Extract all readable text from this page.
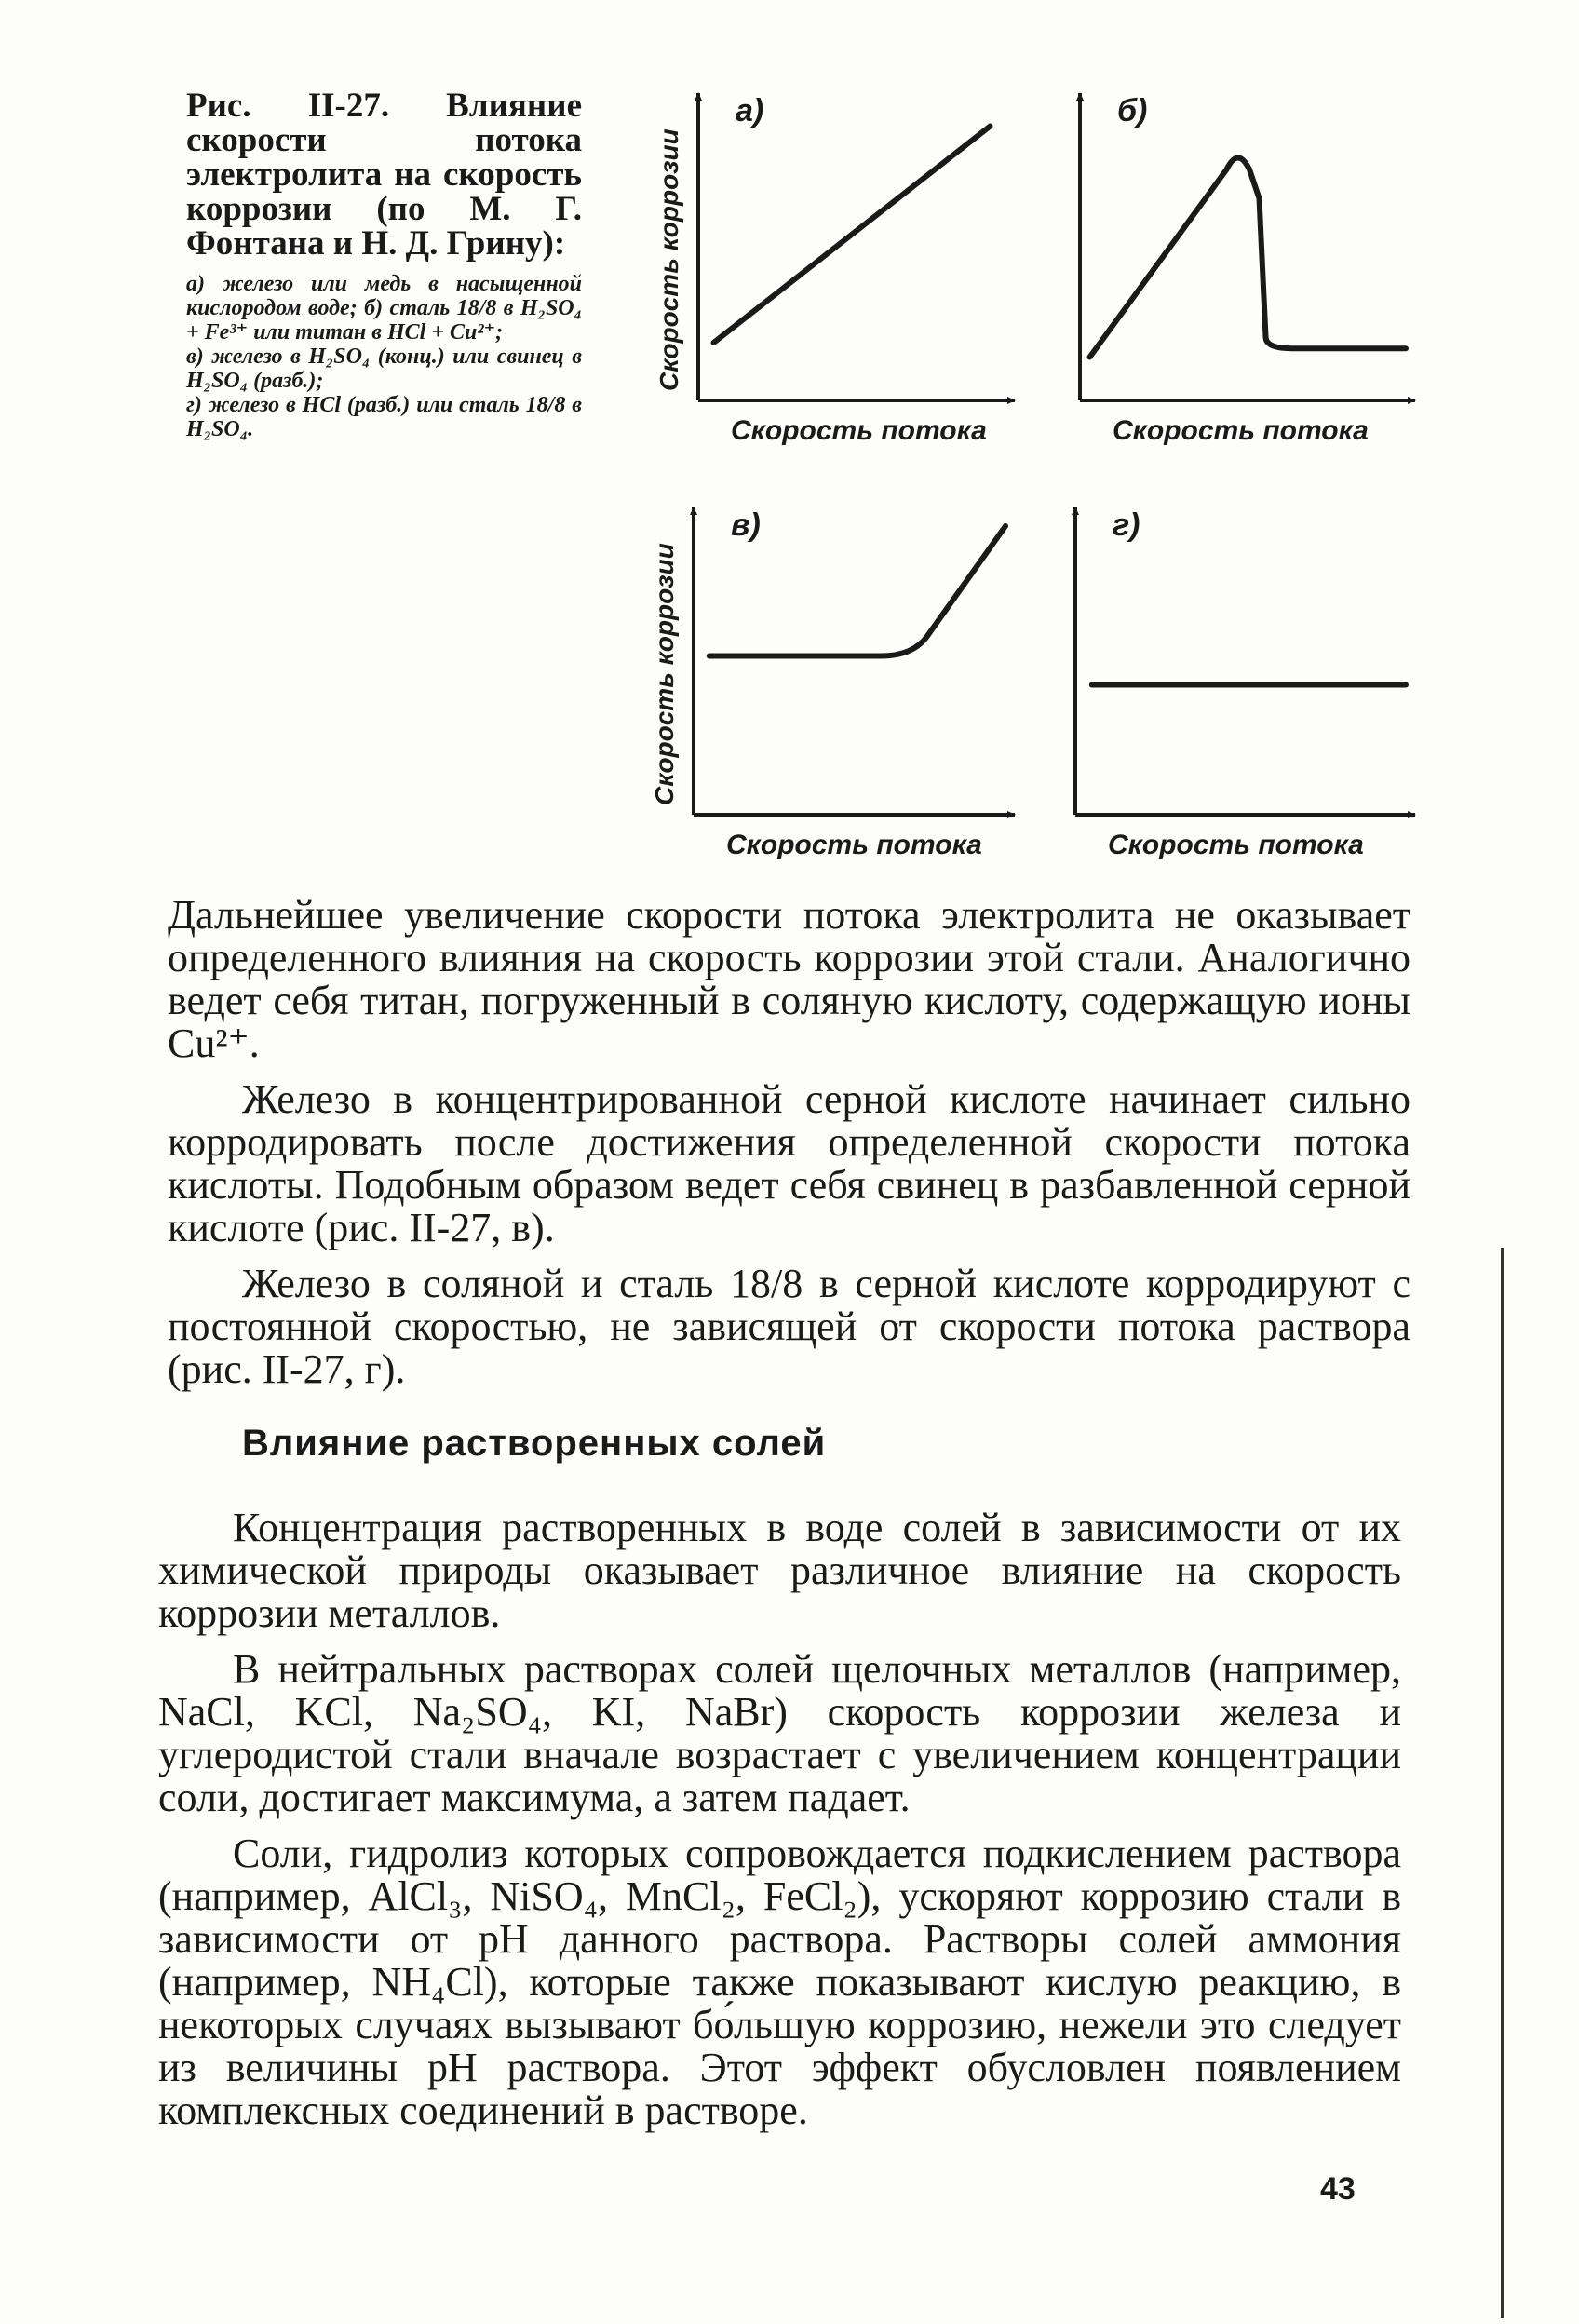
Рис. II-27. Влияние скорости потока электролита на скорость коррозии (по М. Г. Фонтана и Н. Д. Грину):

а) железо или медь в насыщенной кислородом воде; б) сталь 18/8 в H₂SO₄ + Fe³⁺ или титан в HCl + Cu²⁺;
в) железо в H₂SO₄ (конц.) или свинец в H₂SO₄ (разб.);
г) железо в HCl (разб.) или сталь 18/8 в H₂SO₄.
а)
Скорость потока
Скорость коррозии
б)
Скорость потока
в)
Скорость потока
Скорость коррозии
г)
Скорость потока

Дальнейшее увеличение скорости потока электролита не оказывает определенного влияния на скорость коррозии этой стали. Аналогично ведет себя титан, погруженный в соляную кислоту, содержащую ионы Cu²⁺.

Железо в концентрированной серной кислоте начинает сильно корродировать после достижения определенной скорости потока кислоты. Подобным образом ведет себя свинец в разбавленной серной кислоте (рис. II-27, в).

Железо в соляной и сталь 18/8 в серной кислоте корродируют с постоянной скоростью, не зависящей от скорости потока раствора (рис. II-27, г).

Влияние растворенных солей

Концентрация растворенных в воде солей в зависимости от их химической природы оказывает различное влияние на скорость коррозии металлов.

В нейтральных растворах солей щелочных металлов (например, NaCl, KCl, Na₂SO₄, KI, NaBr) скорость коррозии железа и углеродистой стали вначале возрастает с увеличением концентрации соли, достигает максимума, а затем падает.

Соли, гидролиз которых сопровождается подкислением раствора (например, AlCl₃, NiSO₄, MnCl₂, FeCl₂), ускоряют коррозию стали в зависимости от pH данного раствора. Растворы солей аммония (например, NH₄Cl), которые также показывают кислую реакцию, в некоторых случаях вызывают бо́льшую коррозию, нежели это следует из величины pH раствора. Этот эффект обусловлен появлением комплексных соединений в растворе.

43
